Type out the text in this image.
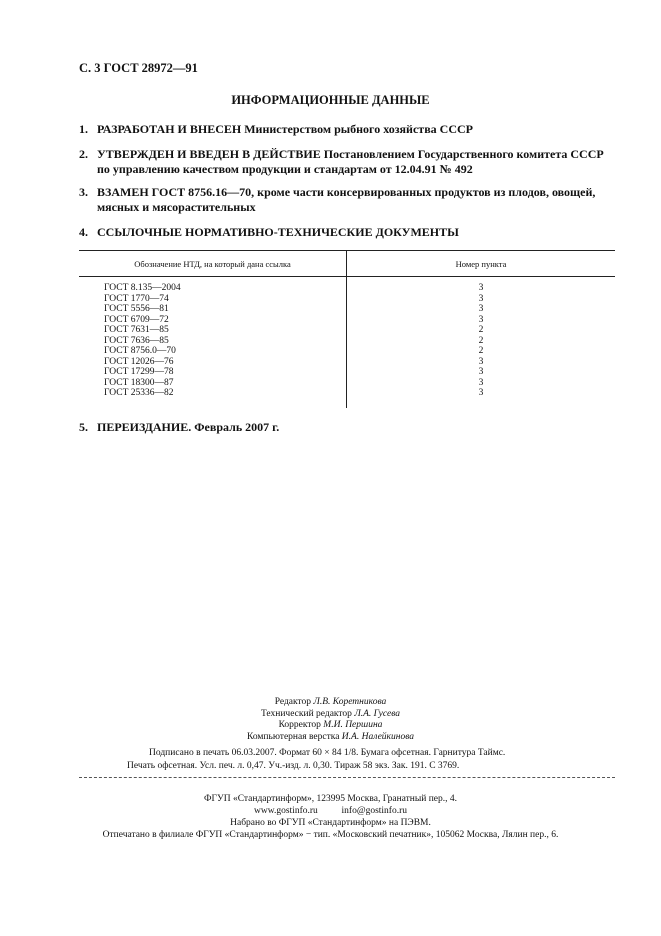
С. 3 ГОСТ 28972—91
ИНФОРМАЦИОННЫЕ ДАННЫЕ
1. РАЗРАБОТАН И ВНЕСЕН Министерством рыбного хозяйства СССР
2. УТВЕРЖДЕН И ВВЕДЕН В ДЕЙСТВИЕ Постановлением Государственного комитета СССР по управлению качеством продукции и стандартам от 12.04.91 № 492
3. ВЗАМЕН ГОСТ 8756.16—70, кроме части консервированных продуктов из плодов, овощей, мясных и мясорастительных
4. ССЫЛОЧНЫЕ НОРМАТИВНО-ТЕХНИЧЕСКИЕ ДОКУМЕНТЫ
Обозначение НТД, на который дана ссылка	Номер пункта
ГОСТ 8.135—2004	3
ГОСТ 1770—74	3
ГОСТ 5556—81	3
ГОСТ 6709—72	3
ГОСТ 7631—85	2
ГОСТ 7636—85	2
ГОСТ 8756.0—70	2
ГОСТ 12026—76	3
ГОСТ 17299—78	3
ГОСТ 18300—87	3
ГОСТ 25336—82	3
5. ПЕРЕИЗДАНИЕ. Февраль 2007 г.
Редактор Л.В. Коретникова
Технический редактор Л.А. Гусева
Корректор М.И. Першина
Компьютерная верстка И.А. Налейкинова
Подписано в печать 06.03.2007. Формат 60 × 84 1/8. Бумага офсетная. Гарнитура Таймс.
Печать офсетная. Усл. печ. л. 0,47. Уч.-изд. л. 0,30. Тираж 58 экз. Зак. 191. С 3769.
ФГУП «Стандартинформ», 123995 Москва, Гранатный пер., 4.
www.gostinfo.ru          info@gostinfo.ru
Набрано во ФГУП «Стандартинформ» на ПЭВМ.
Отпечатано в филиале ФГУП «Стандартинформ» − тип. «Московский печатник», 105062 Москва, Лялин пер., 6.
